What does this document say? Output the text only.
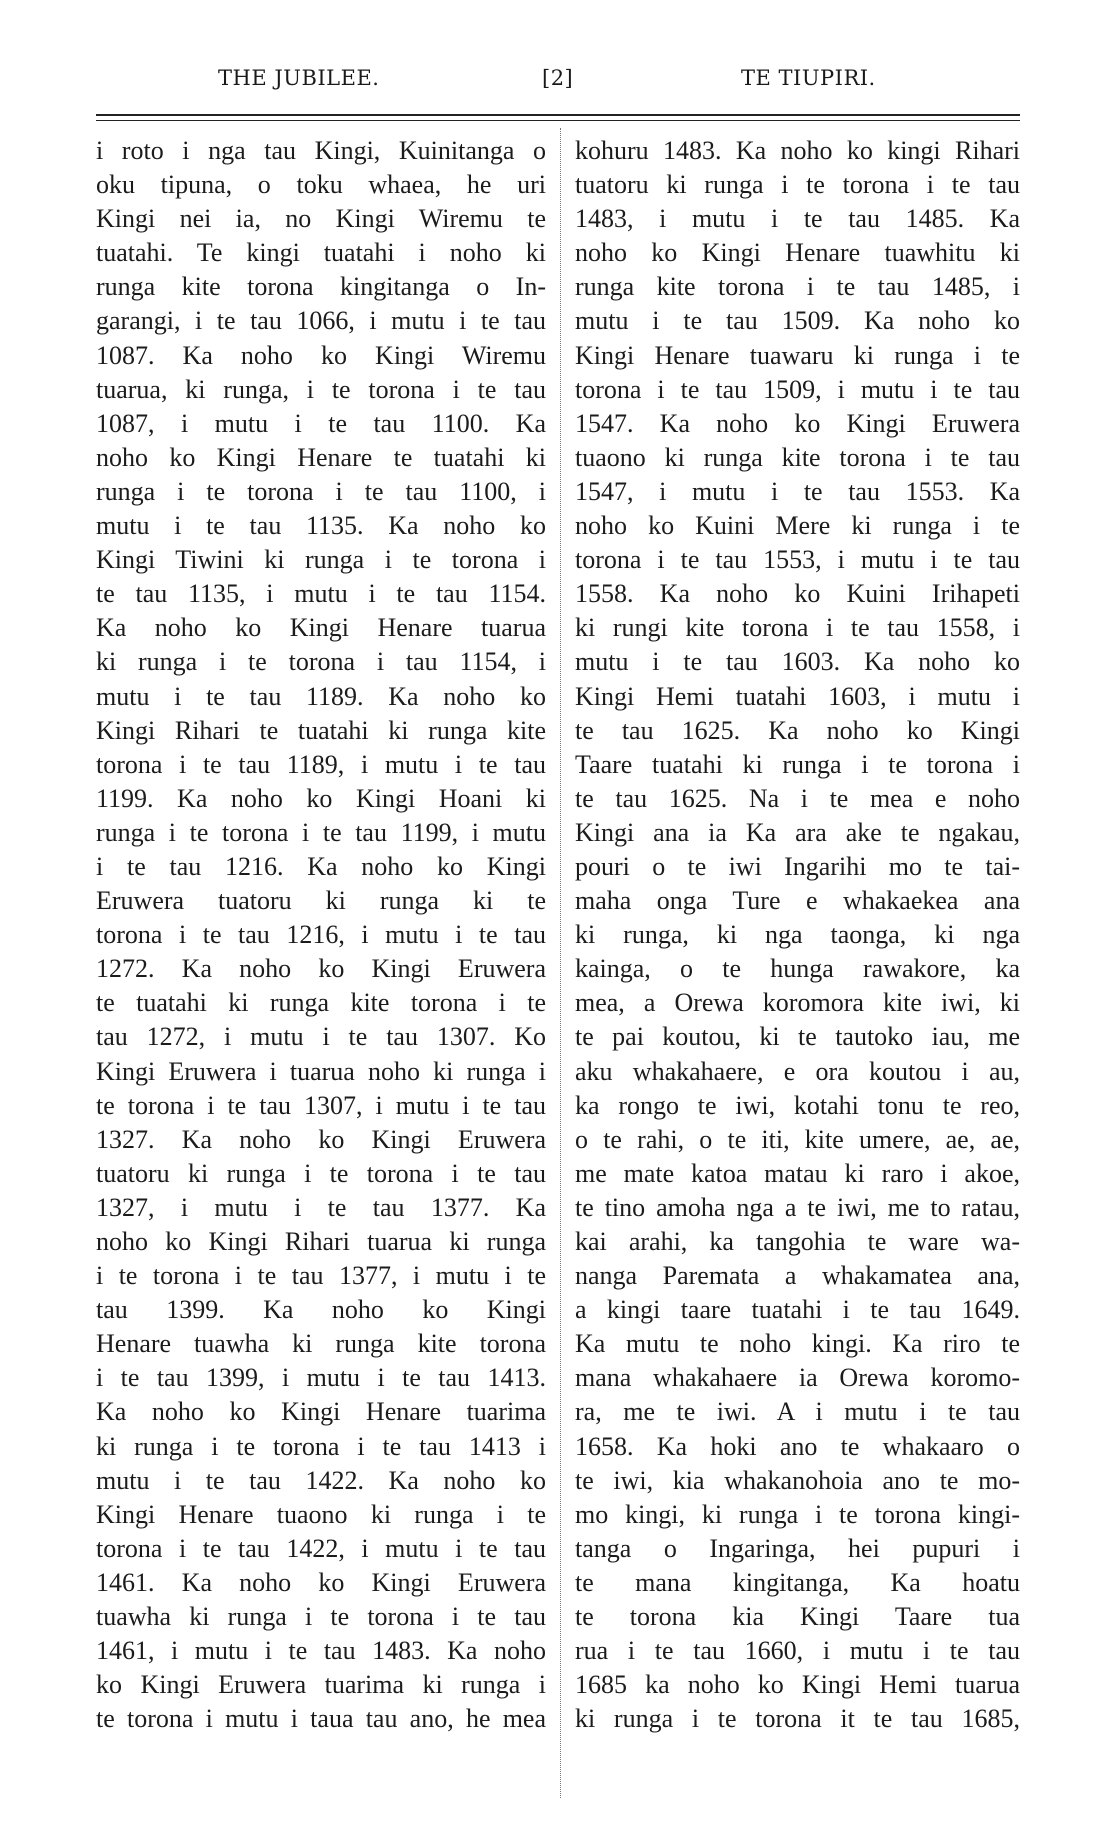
THE JUBILEE.	[2]	TE TIUPIRI.
i roto i nga tau Kingi, Kuinitanga o
oku tipuna, o toku whaea, he uri
Kingi nei ia, no Kingi Wiremu te
tuatahi. Te kingi tuatahi i noho ki
runga kite torona kingitanga o In-
garangi, i te tau 1066, i mutu i te tau
1087. Ka noho ko Kingi Wiremu
tuarua, ki runga, i te torona i te tau
1087, i mutu i te tau 1100. Ka
noho ko Kingi Henare te tuatahi ki
runga i te torona i te tau 1100, i
mutu i te tau 1135. Ka noho ko
Kingi Tiwini ki runga i te torona i
te tau 1135, i mutu i te tau 1154.
Ka noho ko Kingi Henare tuarua
ki runga i te torona i tau 1154, i
mutu i te tau 1189. Ka noho ko
Kingi Rihari te tuatahi ki runga kite
torona i te tau 1189, i mutu i te tau
1199. Ka noho ko Kingi Hoani ki
runga i te torona i te tau 1199, i mutu
i te tau 1216. Ka noho ko Kingi
Eruwera tuatoru ki runga ki te
torona i te tau 1216, i mutu i te tau
1272. Ka noho ko Kingi Eruwera
te tuatahi ki runga kite torona i te
tau 1272, i mutu i te tau 1307. Ko
Kingi Eruwera i tuarua noho ki runga i
te torona i te tau 1307, i mutu i te tau
1327. Ka noho ko Kingi Eruwera
tuatoru ki runga i te torona i te tau
1327, i mutu i te tau 1377. Ka
noho ko Kingi Rihari tuarua ki runga
i te torona i te tau 1377, i mutu i te
tau 1399. Ka noho ko Kingi
Henare tuawha ki runga kite torona
i te tau 1399, i mutu i te tau 1413.
Ka noho ko Kingi Henare tuarima
ki runga i te torona i te tau 1413 i
mutu i te tau 1422. Ka noho ko
Kingi Henare tuaono ki runga i te
torona i te tau 1422, i mutu i te tau
1461. Ka noho ko Kingi Eruwera
tuawha ki runga i te torona i te tau
1461, i mutu i te tau 1483. Ka noho
ko Kingi Eruwera tuarima ki runga i
te torona i mutu i taua tau ano, he mea
kohuru 1483. Ka noho ko kingi Rihari
tuatoru ki runga i te torona i te tau
1483, i mutu i te tau 1485. Ka
noho ko Kingi Henare tuawhitu ki
runga kite torona i te tau 1485, i
mutu i te tau 1509. Ka noho ko
Kingi Henare tuawaru ki runga i te
torona i te tau 1509, i mutu i te tau
1547. Ka noho ko Kingi Eruwera
tuaono ki runga kite torona i te tau
1547, i mutu i te tau 1553. Ka
noho ko Kuini Mere ki runga i te
torona i te tau 1553, i mutu i te tau
1558. Ka noho ko Kuini Irihapeti
ki rungi kite torona i te tau 1558, i
mutu i te tau 1603. Ka noho ko
Kingi Hemi tuatahi 1603, i mutu i
te tau 1625. Ka noho ko Kingi
Taare tuatahi ki runga i te torona i
te tau 1625. Na i te mea e noho
Kingi ana ia Ka ara ake te ngakau,
pouri o te iwi Ingarihi mo te tai-
maha onga Ture e whakaekea ana
ki runga, ki nga taonga, ki nga
kainga, o te hunga rawakore, ka
mea, a Orewa koromora kite iwi, ki
te pai koutou, ki te tautoko iau, me
aku whakahaere, e ora koutou i au,
ka rongo te iwi, kotahi tonu te reo,
o te rahi, o te iti, kite umere, ae, ae,
me mate katoa matau ki raro i akoe,
te tino amoha nga a te iwi, me to ratau,
kai arahi, ka tangohia te ware wa-
nanga Paremata a whakamatea ana,
a kingi taare tuatahi i te tau 1649.
Ka mutu te noho kingi. Ka riro te
mana whakahaere ia Orewa koromo-
ra, me te iwi. A i mutu i te tau
1658. Ka hoki ano te whakaaro o
te iwi, kia whakanohoia ano te mo-
mo kingi, ki runga i te torona kingi-
tanga o Ingaringa, hei pupuri i
te mana kingitanga, Ka hoatu
te torona kia Kingi Taare tua
rua i te tau 1660, i mutu i te tau
1685 ka noho ko Kingi Hemi tuarua
ki runga i te torona it te tau 1685,
